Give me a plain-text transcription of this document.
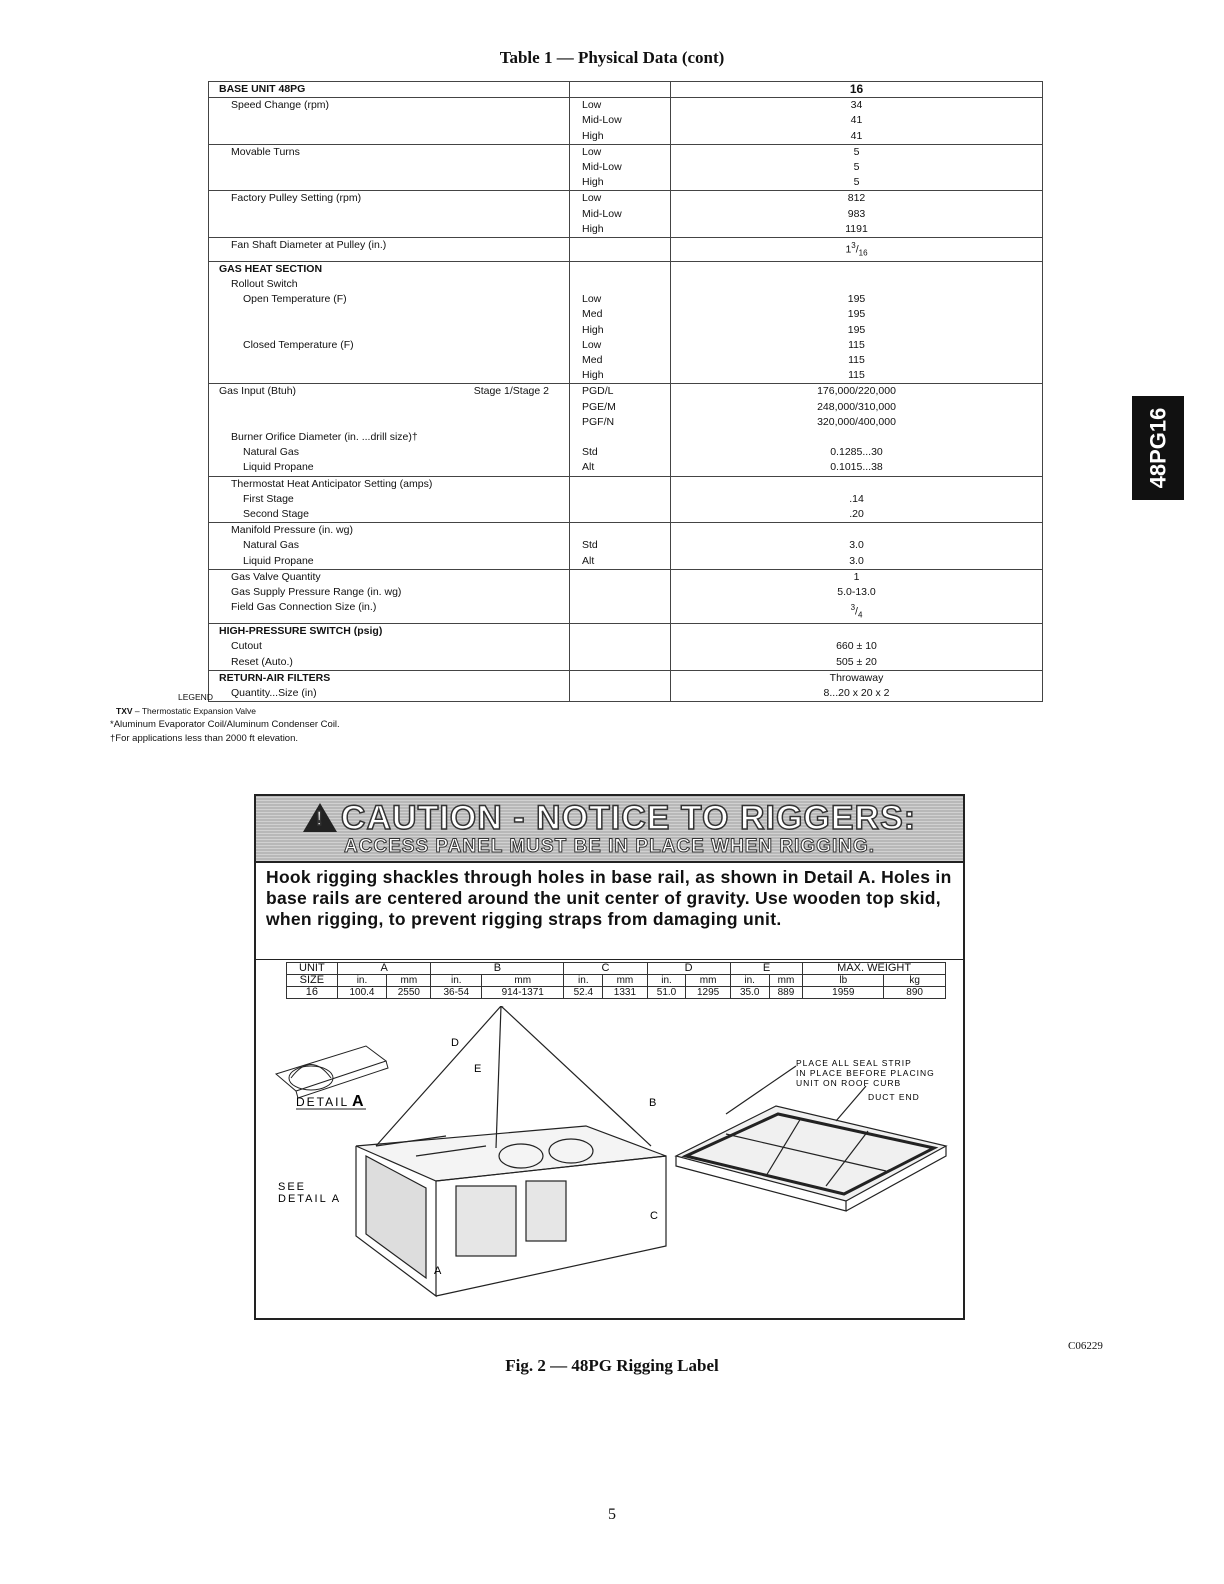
Table 1 — Physical Data (cont)
BASE UNIT 48PG		16

Speed Change (rpm)	Low	34
	Mid-Low	41
	High	41

Movable Turns	Low	5
	Mid-Low	5
	High	5

Factory Pulley Setting (rpm)	Low	812
	Mid-Low	983
	High	1191

Fan Shaft Diameter at Pulley (in.)		$1^3/_{16}$

GAS HEAT SECTION		

Rollout Switch		

Open Temperature (F)	Low	195
	Med	195
	High	195

Closed Temperature (F)	Low	115
	Med	115
	High	115

Gas Input (Btuh) Stage 1/Stage 2	PGD/L	176,000/220,000
	PGE/M	248,000/310,000
	PGF/N	320,000/400,000

Burner Orifice Diameter (in. ...drill size)†		

Natural Gas	Std	0.1285...30

Liquid Propane	Alt	0.1015...38

Thermostat Heat Anticipator Setting (amps)		

First Stage		.14

Second Stage		.20

Manifold Pressure (in. wg)		

Natural Gas	Std	3.0

Liquid Propane	Alt	3.0

Gas Valve Quantity		1

Gas Supply Pressure Range (in. wg)		5.0-13.0

Field Gas Connection Size (in.)		$^3/_4$

HIGH-PRESSURE SWITCH (psig)		

Cutout		660 ± 10

Reset (Auto.)		505 ± 20

RETURN-AIR FILTERS		Throwaway

Quantity...Size (in)		8...20 x 20 x 2
LEGEND
TXV – Thermostatic Expansion Valve
*Aluminum Evaporator Coil/Aluminum Condenser Coil.
†For applications less than 2000 ft elevation.
48PG16
! CAUTION - NOTICE TO RIGGERS:
ACCESS PANEL MUST BE IN PLACE WHEN RIGGING.
Hook rigging shackles through holes in base rail, as shown in Detail A. Holes in base rails are centered around the unit center of gravity. Use wooden top skid, when rigging, to prevent rigging straps from damaging unit.
UNIT	A		B		C		D		E		MAX. WEIGHT	
SIZE	in.	mm	in.	mm	in.	mm	in.	mm	in.	mm	lb	kg
16	100.4	2550	36-54	914-1371	52.4	1331	51.0	1295	35.0	889	1959	890
DETAIL A
SEE
DETAIL A
D
E
B
C
A
PLACE ALL SEAL STRIP
IN PLACE BEFORE PLACING
UNIT ON ROOF CURB
DUCT END
C06229
Fig. 2 — 48PG Rigging Label
5
